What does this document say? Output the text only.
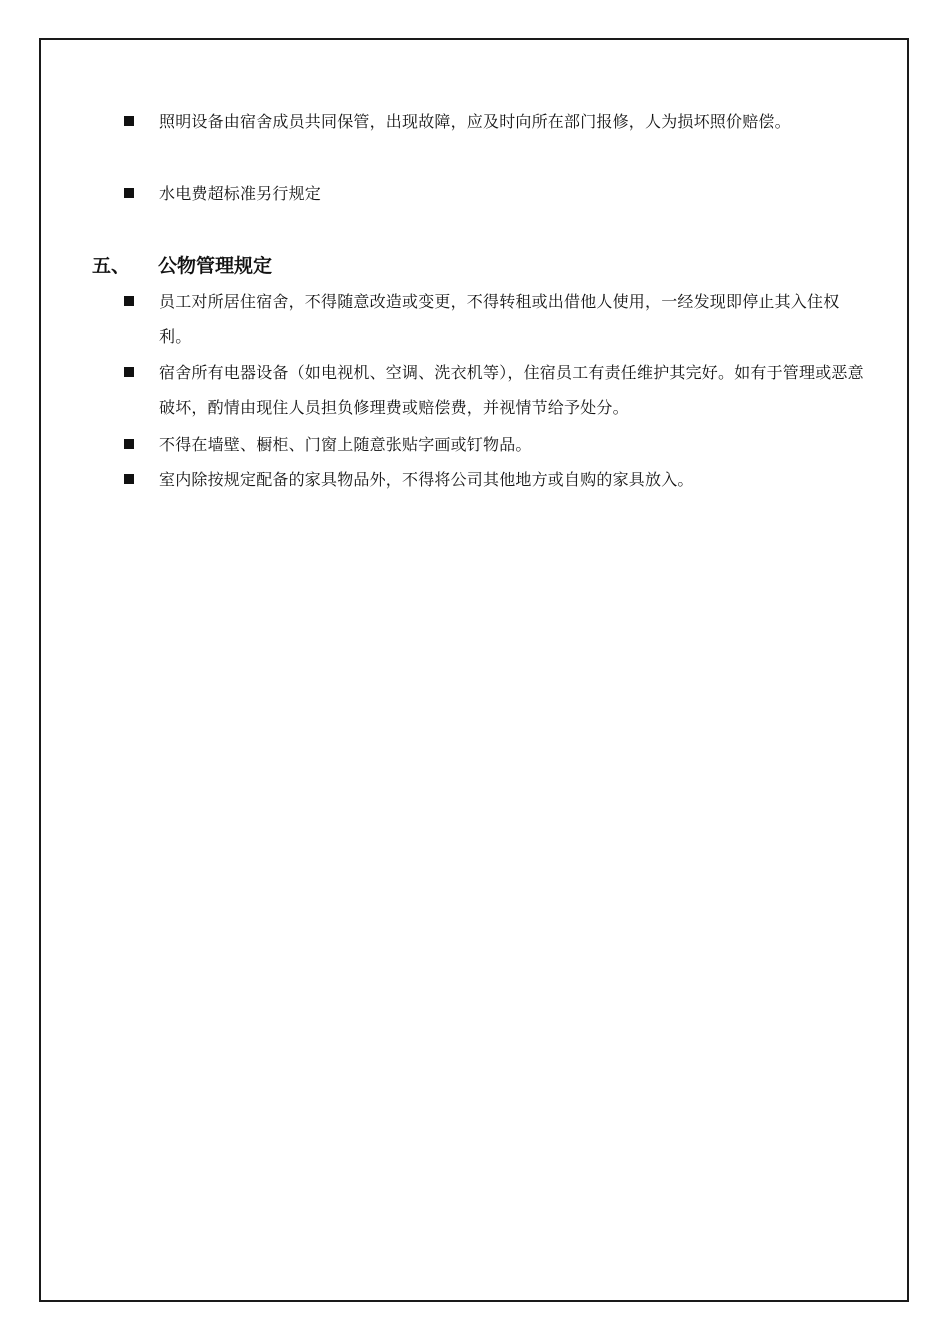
照明设备由宿舍成员共同保管，出现故障，应及时向所在部门报修，人为损坏照价赔偿。
水电费超标准另行规定
五、 公物管理规定
员工对所居住宿舍，不得随意改造或变更，不得转租或出借他人使用，一经发现即停止其入住权利。
宿舍所有电器设备（如电视机、空调、洗衣机等），住宿员工有责任维护其完好。如有于管理或恶意破坏，酌情由现住人员担负修理费或赔偿费，并视情节给予处分。
不得在墙壁、橱柜、门窗上随意张贴字画或钉物品。
室内除按规定配备的家具物品外，不得将公司其他地方或自购的家具放入。
